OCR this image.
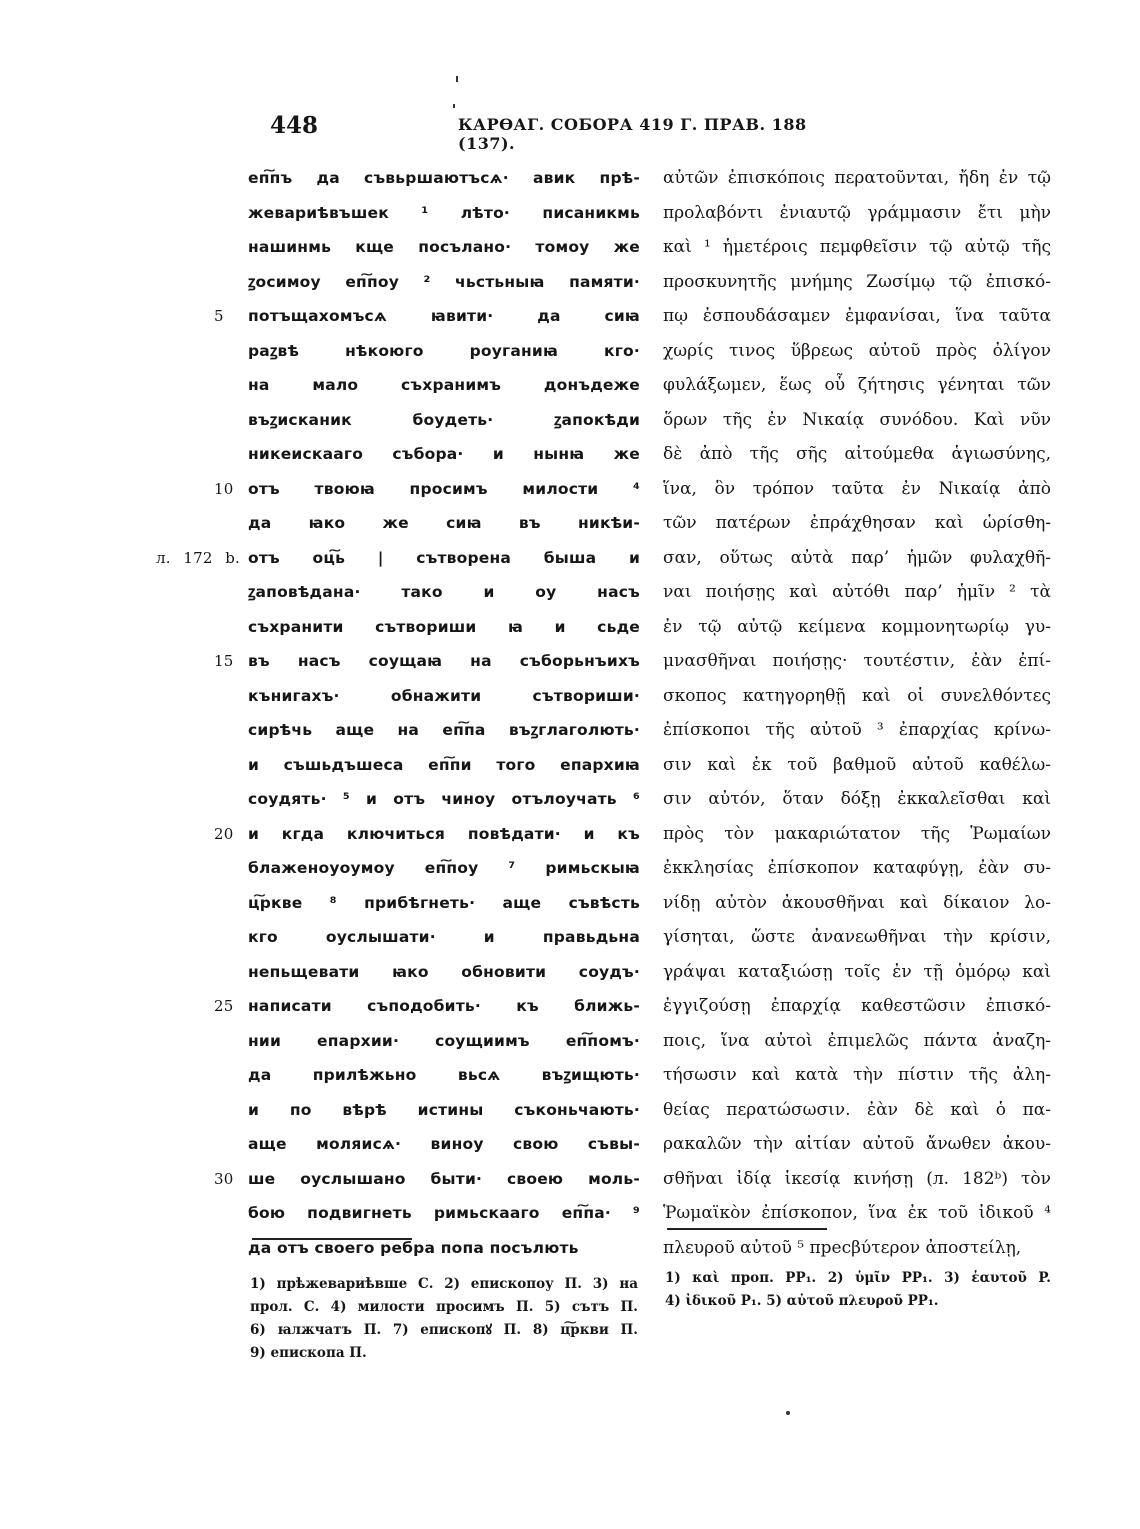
448	КАРѲАГ. СОБОРА 419 Г. ПРАВ. 188 (137).
еп͠пъ да съвьршаютъсѧ· авик прѣ-
жевариѣвъшек ¹ лѣто· писаникмь
нашинмь кще посълано· томоу же
ꙁосимоу еп͠поу ² чьстьныꙗ памяти·
потъщахомъсѧ ꙗвити· да сиꙗ
5
раꙁвѣ нѣкоюго роуганиꙗ кго·
на мало съхранимъ донъдеже
въꙁисканик боудеть· ꙁапокѣди
никеискааго събора· и нынꙗ же
отъ твоюꙗ просимъ милости ⁴
10
да ꙗко же сиꙗ въ никѣи-
отъ оц͠ь | сътворена быша и
л. 172 b.
ꙁаповѣдана· тако и оу насъ
съхранити сътвориши ꙗ и сьде
въ насъ соущаꙗ на съборьнъихъ
15
кънигахъ· обнажити сътвориши·
сирѣчь аще на еп͠па въꙁглаголють·
и съшьдъшеса еп͠пи того епархиꙗ
соудять· ⁵ и отъ чиноу отълоучать ⁶
и кгда ключиться повѣдати· и къ
20
блаженоуоумоу еп͠поу ⁷ римьскыꙗ
ц͠ркве ⁸ прибѣгнеть· аще съвѣсть
кго оуслышати· и правьдьна
непьщевати ꙗко обновити соудъ·
написати съподобить· къ ближь-
25
нии епархии· соущиимъ еп͠помъ·
да прилѣжьно вьсѧ въꙁищють·
и по вѣрѣ истины съконьчають·
аще моляисѧ· виноу свою съвы-
ше оуслышано быти· своею моль-
30
бою подвигнеть римьскааго еп͠па· ⁹
да отъ своего ребра попа посълють
αὐτῶν ἐπισκόποις περατοῦνται, ἤδη ἐν τῷ
προλαβόντι ἐνιαυτῷ γράμμασιν ἔτι μὴν
καὶ ¹ ἡμετέροις πεμφθεῖσιν τῷ αὐτῷ τῆς
προσκυνητῆς μνήμης Ζωσίμῳ τῷ ἐπισκό-
πῳ ἐσπουδάσαμεν ἐμφανίσαι, ἵνα ταῦτα
χωρίς τινος ὕβρεως αὐτοῦ πρὸς ὀλίγον
φυλάξωμεν, ἕως οὗ ζήτησις γένηται τῶν
ὅρων τῆς ἐν Νικαίᾳ συνόδου. Καὶ νῦν
δὲ ἀπὸ τῆς σῆς αἰτούμεθα ἁγιωσύνης,
ἵνα, ὃν τρόπον ταῦτα ἐν Νικαίᾳ ἀπὸ
τῶν πατέρων ἐπράχθησαν καὶ ὡρίσθη-
σαν, οὕτως αὐτὰ παρ’ ἡμῶν φυλαχθῆ-
ναι ποιήσῃς καὶ αὐτόθι παρ’ ἡμῖν ² τὰ
ἐν τῷ αὐτῷ κείμενα κομμονητωρίῳ γυ-
μνασθῆναι ποιήσῃς· τουτέστιν, ἐὰν ἐπί-
σκοπος κατηγορηθῇ καὶ οἱ συνελθόντες
ἐπίσκοποι τῆς αὐτοῦ ³ ἐπαρχίας κρίνω-
σιν καὶ ἐκ τοῦ βαθμοῦ αὐτοῦ καθέλω-
σιν αὐτόν, ὅταν δόξῃ ἐκκαλεῖσθαι καὶ
πρὸς τὸν μακαριώτατον τῆς Ῥωμαίων
ἐκκλησίας ἐπίσκοπον καταφύγῃ, ἐὰν συ-
νίδῃ αὐτὸν ἀκουσθῆναι καὶ δίκαιον λο-
γίσηται, ὥστε ἀνανεωθῆναι τὴν κρίσιν,
γράψαι καταξιώσῃ τοῖς ἐν τῇ ὁμόρῳ καὶ
ἐγγιζούσῃ ἐπαρχίᾳ καθεστῶσιν ἐπισκό-
ποις, ἵνα αὐτοὶ ἐπιμελῶς πάντα ἀναζη-
τήσωσιν καὶ κατὰ τὴν πίστιν τῆς ἀλη-
θείας περατώσωσιν. ἐὰν δὲ καὶ ὁ πα-
ρακαλῶν τὴν αἰτίαν αὐτοῦ ἄνωθεν ἀκου-
σθῆναι ἰδίᾳ ἱκεσίᾳ κινήσῃ (л. 182ᵇ) τὸν
Ῥωμαϊκὸν ἐπίσκοπον, ἵνα ἐκ τοῦ ἰδικοῦ ⁴
πλευροῦ αὐτοῦ ⁵ πресβύτερον ἀποστείλῃ,
1) прѣжевариѣвше С. 2) епископоу П. 3) на
прол. С. 4) милости просимъ П. 5) сътъ П.
6) ꙗлжчатъ П. 7) епископꙋ П. 8) ц͠ркви П.
9) епископа П.
1) καὶ проп. PP₁. 2) ὑμῖν PP₁. 3) ἑαυτοῦ P.
4) ἰδικοῦ P₁. 5) αὐτοῦ πλευροῦ PP₁.
